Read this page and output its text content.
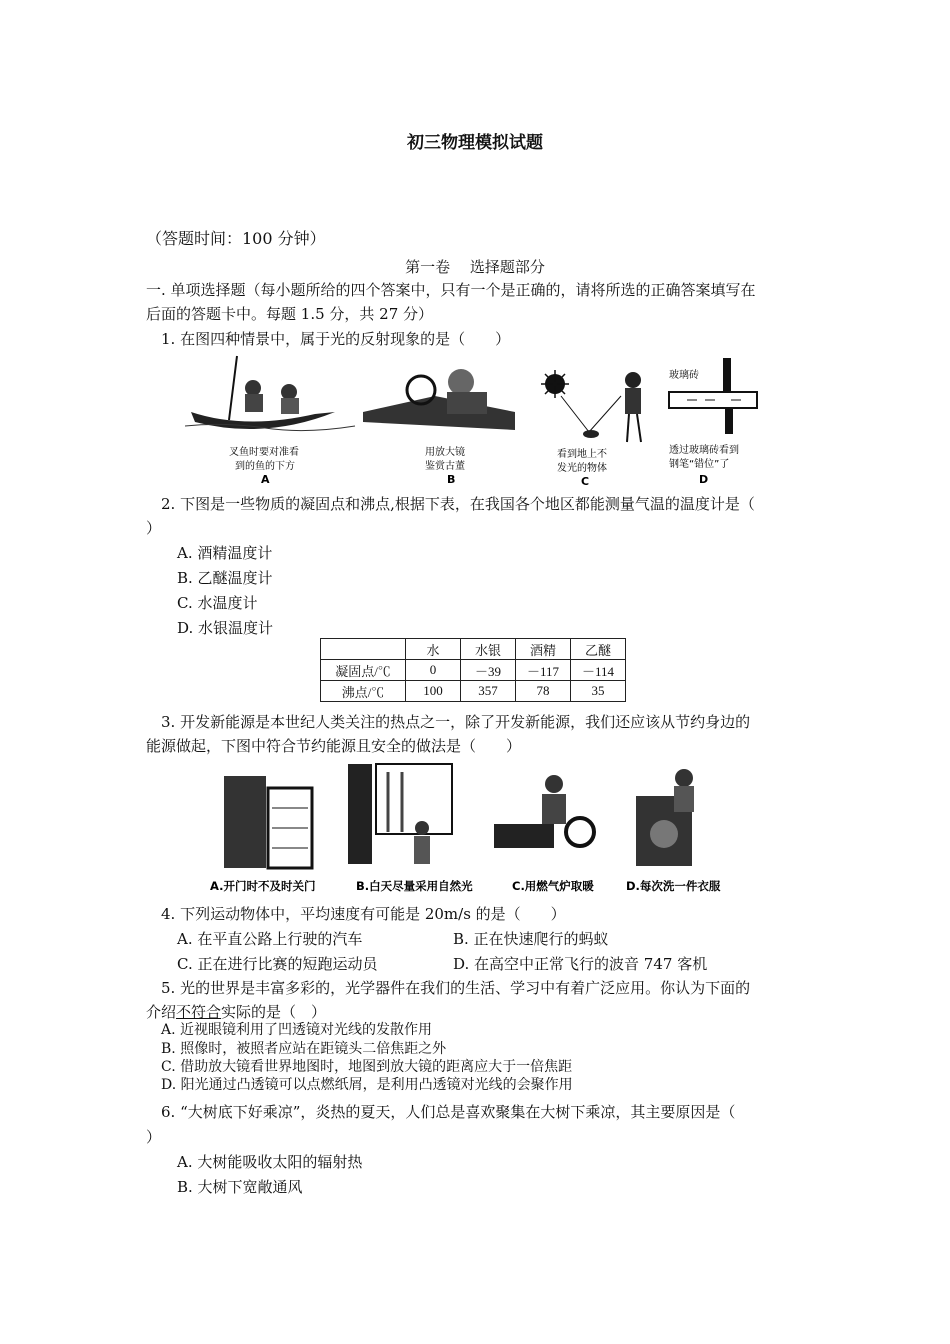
初三物理模拟试题
（答题时间：100 分钟）
第一卷　 选择题部分
一. 单项选择题（每小题所给的四个答案中，只有一个是正确的，请将所选的正确答案填写在
后面的答题卡中。每题 1.5 分，共 27 分）
1. 在图四种情景中，属于光的反射现象的是（　　）
叉鱼时要对准看
到的鱼的下方
A
用放大镜
鉴赏古董
B
看到地上不
发光的物体
C
玻璃砖
透过玻璃砖看到
钢笔“错位”了
D
2. 下图是一些物质的凝固点和沸点,根据下表，在我国各个地区都能测量气温的温度计是（
）
A. 酒精温度计
B. 乙醚温度计
C. 水温度计
D. 水银温度计
	水	水银	酒精	乙醚
凝固点/℃	0	－39	－117	－114
沸点/℃	100	357	78	35
3. 开发新能源是本世纪人类关注的热点之一，除了开发新能源，我们还应该从节约身边的
能源做起，下图中符合节约能源且安全的做法是（　　）
A.开门时不及时关门	B.白天尽量采用自然光	C.用燃气炉取暖	D.每次洗一件衣服
4. 下列运动物体中，平均速度有可能是 20m/s 的是（　　）
A. 在平直公路上行驶的汽车	B. 正在快速爬行的蚂蚁
C. 正在进行比赛的短跑运动员	D. 在高空中正常飞行的波音 747 客机
5. 光的世界是丰富多彩的，光学器件在我们的生活、学习中有着广泛应用。你认为下面的
介绍不符合实际的是（　）
A. 近视眼镜利用了凹透镜对光线的发散作用
B. 照像时，被照者应站在距镜头二倍焦距之外
C. 借助放大镜看世界地图时，地图到放大镜的距离应大于一倍焦距
D. 阳光通过凸透镜可以点燃纸屑，是利用凸透镜对光线的会聚作用
6. “大树底下好乘凉”，炎热的夏天，人们总是喜欢聚集在大树下乘凉，其主要原因是（
）
A. 大树能吸收太阳的辐射热
B. 大树下宽敞通风
